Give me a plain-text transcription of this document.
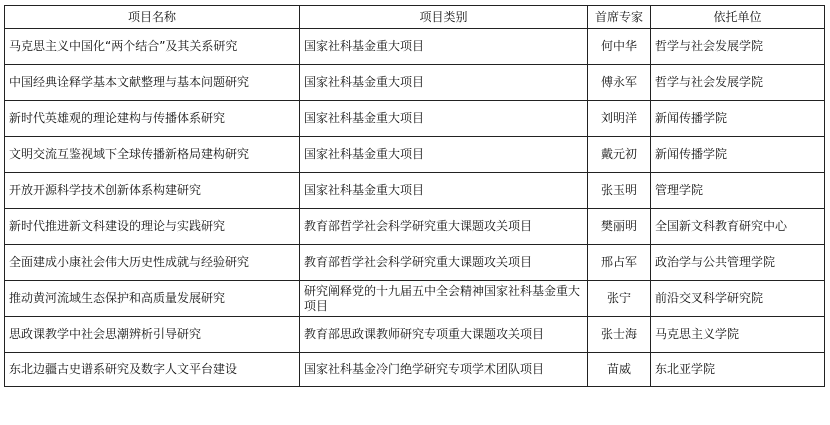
项目名称	项目类别	首席专家	依托单位
马克思主义中国化“两个结合”及其关系研究	国家社科基金重大项目	何中华	哲学与社会发展学院
中国经典诠释学基本文献整理与基本问题研究	国家社科基金重大项目	傅永军	哲学与社会发展学院
新时代英雄观的理论建构与传播体系研究	国家社科基金重大项目	刘明洋	新闻传播学院
文明交流互鉴视域下全球传播新格局建构研究	国家社科基金重大项目	戴元初	新闻传播学院
开放开源科学技术创新体系构建研究	国家社科基金重大项目	张玉明	管理学院
新时代推进新文科建设的理论与实践研究	教育部哲学社会科学研究重大课题攻关项目	樊丽明	全国新文科教育研究中心
全面建成小康社会伟大历史性成就与经验研究	教育部哲学社会科学研究重大课题攻关项目	邢占军	政治学与公共管理学院
推动黄河流域生态保护和高质量发展研究	研究阐释党的十九届五中全会精神国家社科基金重大项目	张宁	前沿交叉科学研究院
思政课教学中社会思潮辨析引导研究	教育部思政课教师研究专项重大课题攻关项目	张士海	马克思主义学院
东北边疆古史谱系研究及数字人文平台建设	国家社科基金冷门绝学研究专项学术团队项目	苗威	东北亚学院
